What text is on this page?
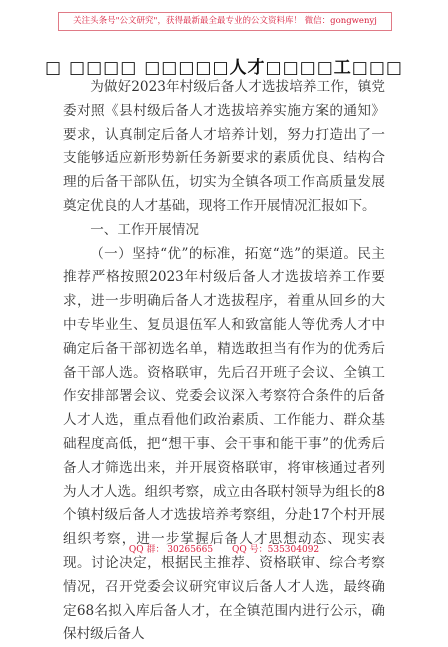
关注头条号"公文研究"，获得最新最全最专业的公文资料库！ 微信：gongwenyj
□ □□□□ □□□□□人才□□□□工□□□

为做好2023年村级后备人才选拔培养工作，镇党委对照《县村级后备人才选拔培养实施方案的通知》要求，认真制定后备人才培养计划，努力打造出了一支能够适应新形势新任务新要求的素质优良、结构合理的后备干部队伍，切实为全镇各项工作高质量发展奠定优良的人才基础，现将工作开展情况汇报如下。

一、工作开展情况

（一）坚持“优”的标准，拓宽“选”的渠道。民主推荐严格按照2023年村级后备人才选拔培养工作要求，进一步明确后备人才选拔程序，着重从回乡的大中专毕业生、复员退伍军人和致富能人等优秀人才中确定后备干部初选名单，精选敢担当有作为的优秀后备干部人选。资格联审，先后召开班子会议、全镇工作安排部署会议、党委会议深入考察符合条件的后备人才人选，重点看他们政治素质、工作能力、群众基础程度高低，把“想干事、会干事和能干事”的优秀后备人才筛选出来，并开展资格联审，将审核通过者列为人才人选。组织考察，成立由各联村领导为组长的8个镇村级后备人才选拔培养考察组，分赴17个村开展组织考察，进一步掌握后备人才思想动态、现实表现。讨论决定，根据民主推荐、资格联审、综合考察情况，召开党委会议研究审议后备人才人选，最终确定68名拟入库后备人才，在全镇范围内进行公示，确保村级后备人

QQ 群： 30265665 QQ 号：535304092
